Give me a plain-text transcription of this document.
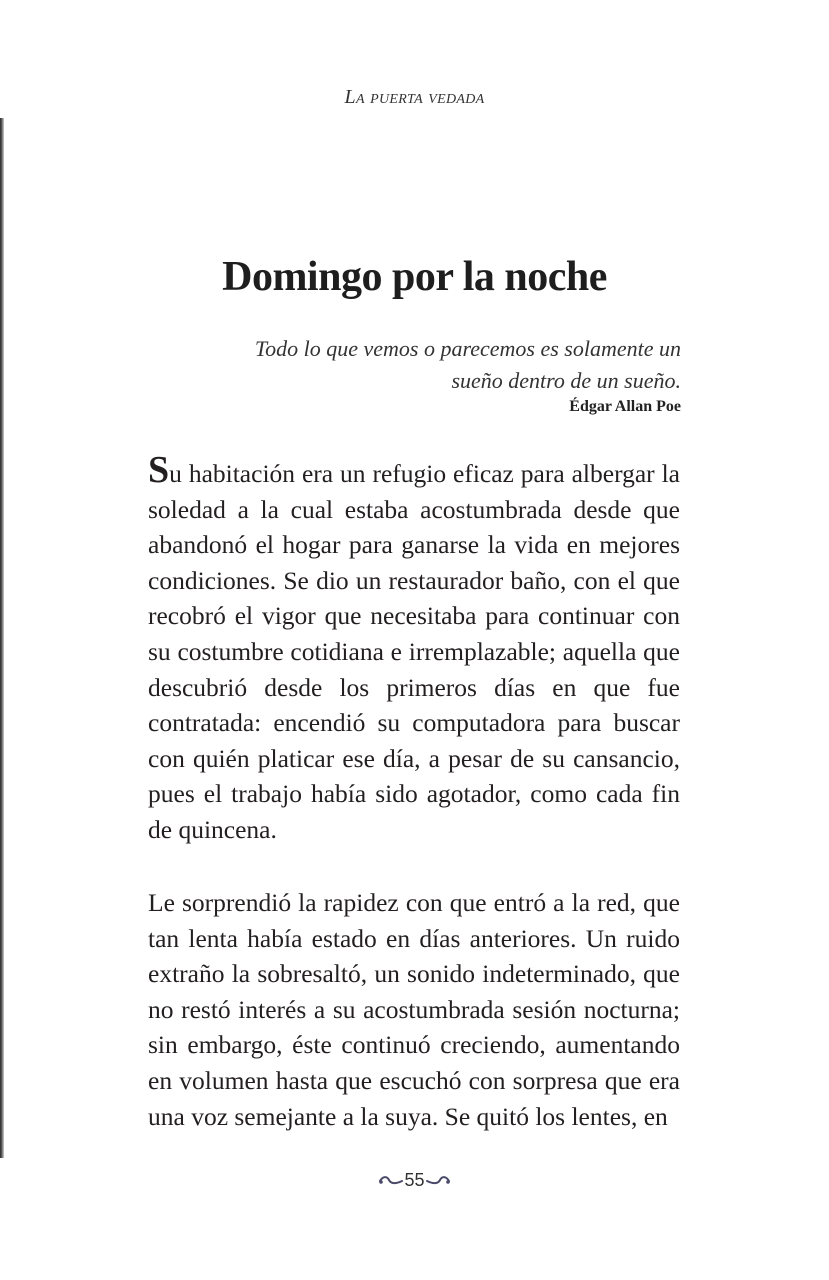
La puerta vedada
Domingo por la noche
Todo lo que vemos o parecemos es solamente un
sueño dentro de un sueño.
Édgar Allan Poe
Su habitación era un refugio eficaz para albergar la soledad a la cual estaba acostumbrada desde que abandonó el hogar para ganarse la vida en mejores condiciones. Se dio un restaurador baño, con el que recobró el vigor que necesitaba para continuar con su costumbre cotidiana e irremplazable; aquella que descubrió desde los primeros días en que fue contratada: encendió su computadora para buscar con quién platicar ese día, a pesar de su cansancio, pues el trabajo había sido agotador, como cada fin de quincena.
Le sorprendió la rapidez con que entró a la red, que tan lenta había estado en días anteriores. Un ruido extraño la sobresaltó, un sonido indeterminado, que no restó interés a su acostumbrada sesión nocturna; sin embargo, éste continuó creciendo, aumentando en volumen hasta que escuchó con sorpresa que era una voz semejante a la suya. Se quitó los lentes, en
55
